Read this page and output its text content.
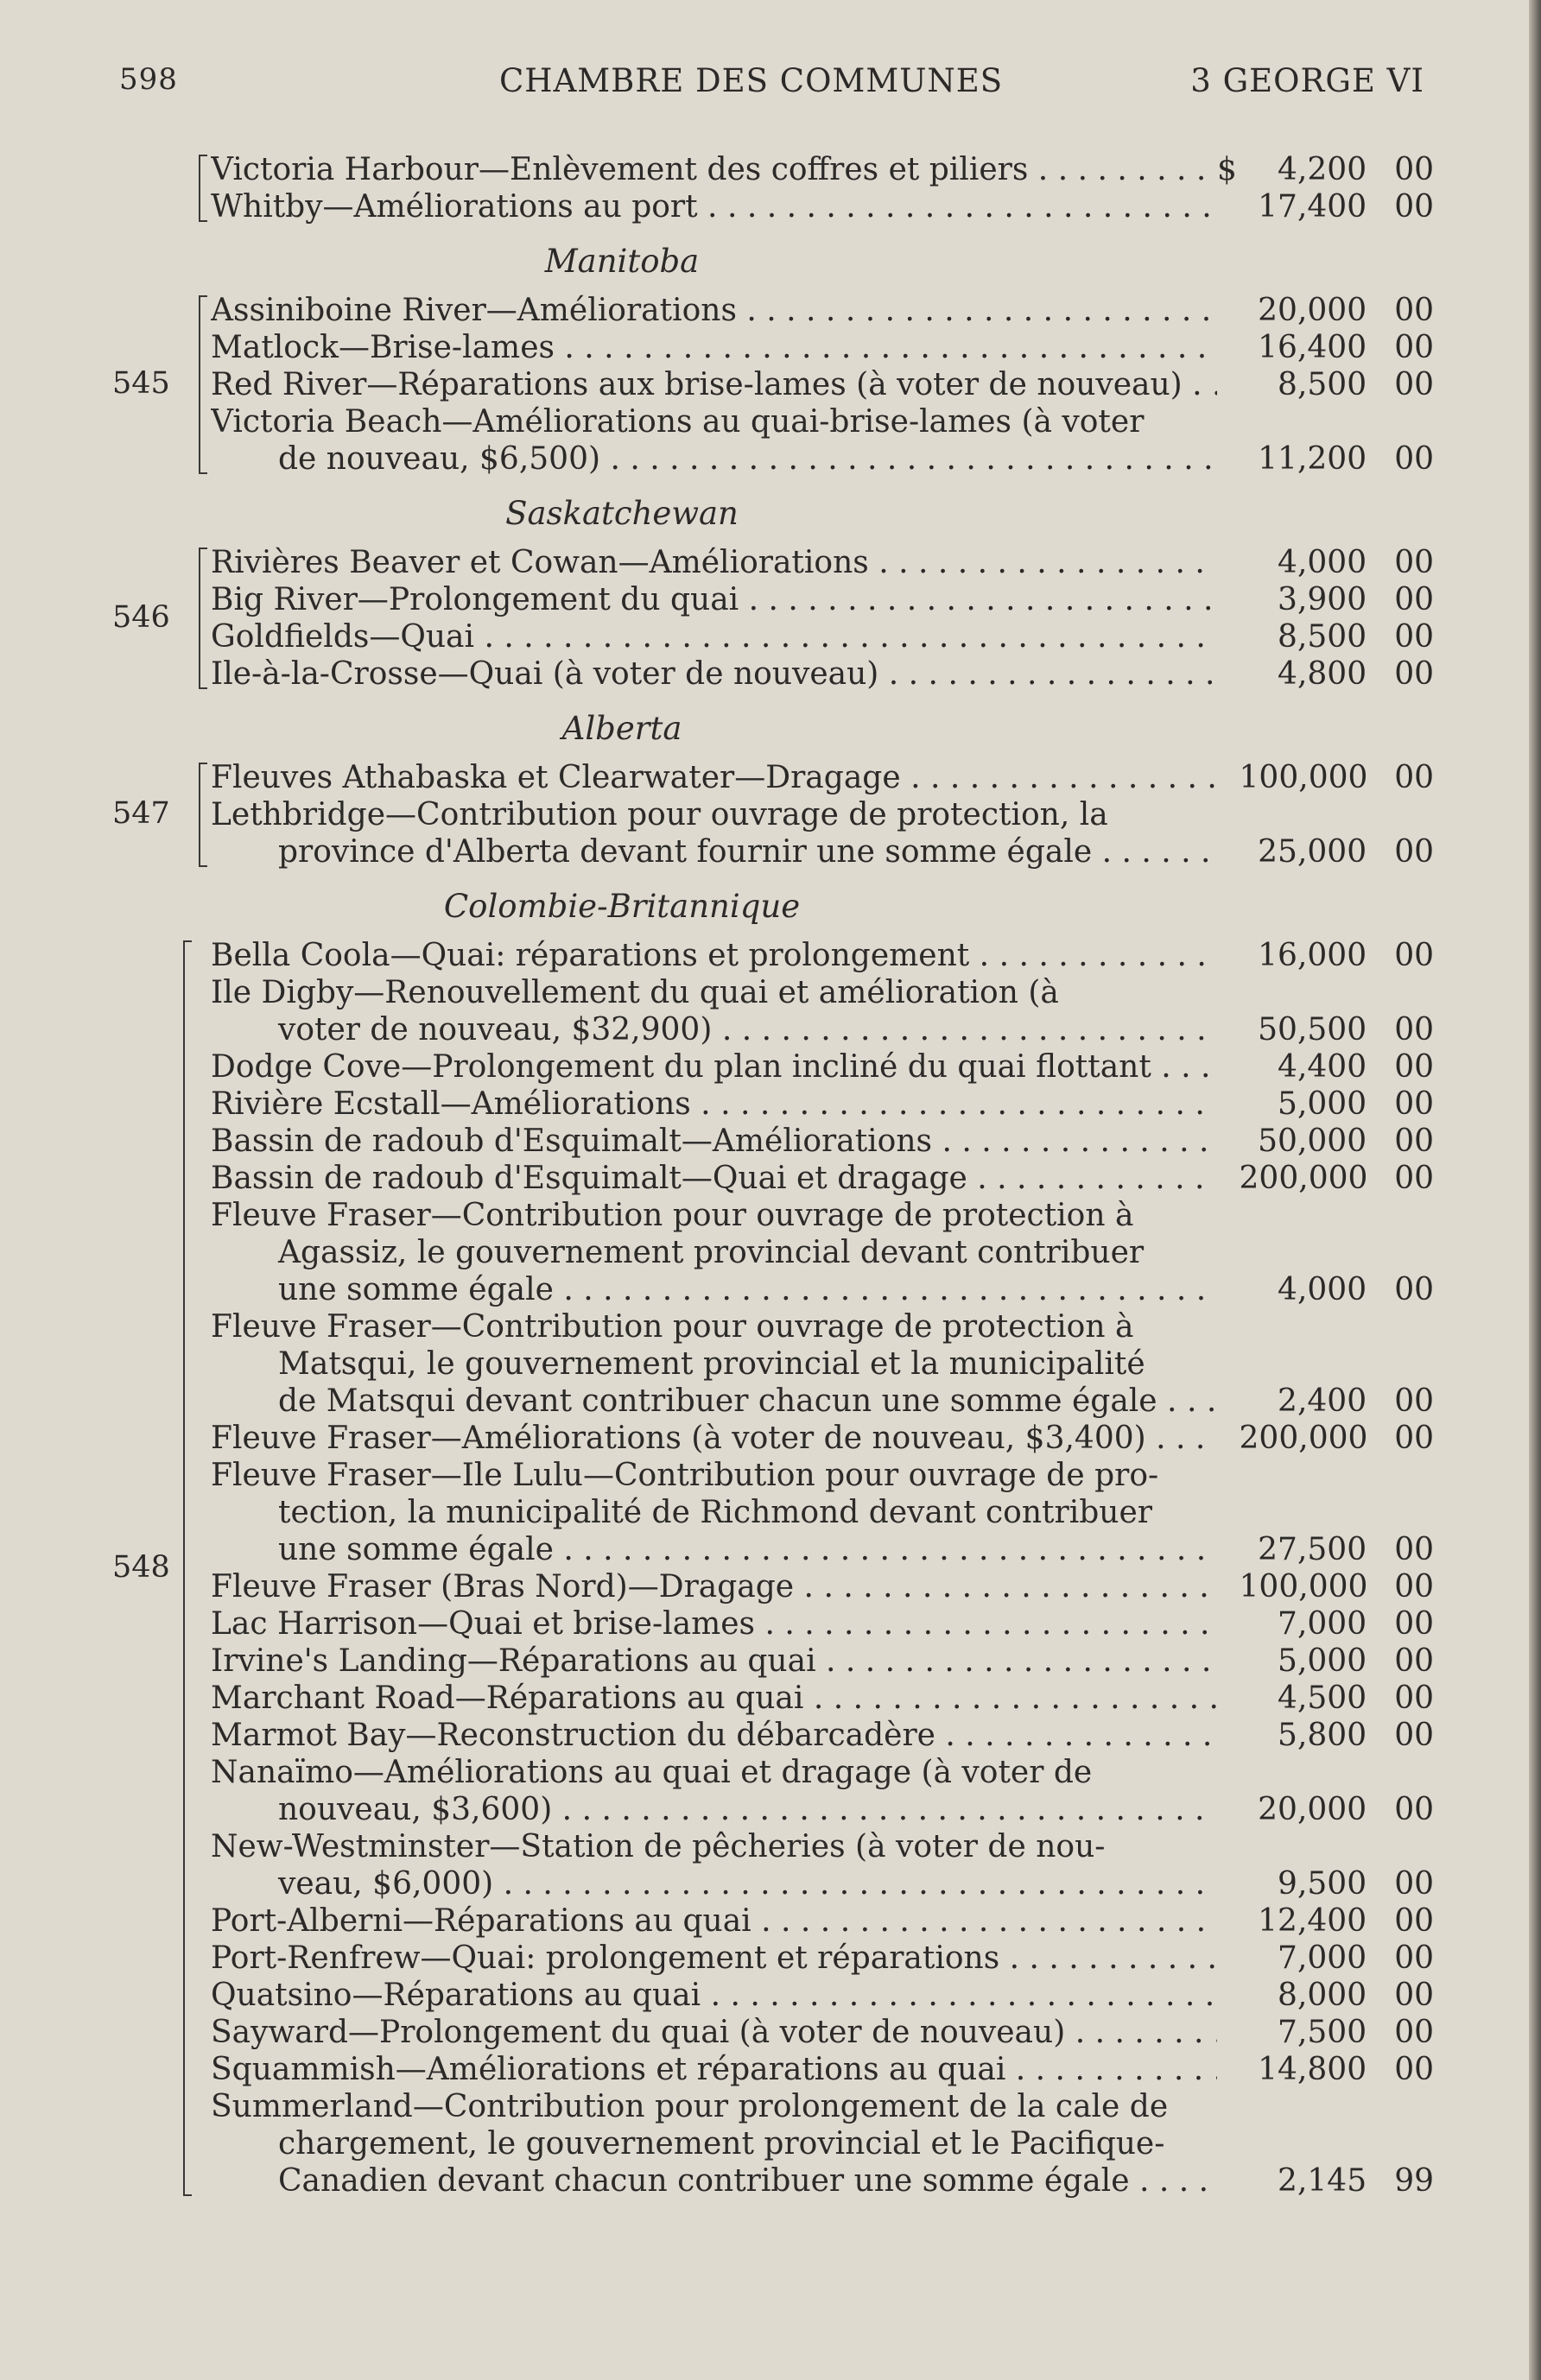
598	CHAMBRE DES COMMUNES	3 GEORGE VI
Victoria Harbour—Enlèvement des coffres et piliers . . .	$	4,200 00
Whitby—Améliorations au port . . .	17,400 00
Manitoba
545
Assiniboine River—Améliorations . . .	20,000 00
Matlock—Brise-lames . . .	16,400 00
Red River—Réparations aux brise-lames (à voter de nouveau) . . .	8,500 00
Victoria Beach—Améliorations au quai-brise-lames (à voter
de nouveau, $6,500) . . .	11,200 00
Saskatchewan
546
Rivières Beaver et Cowan—Améliorations . . .	4,000 00
Big River—Prolongement du quai . . .	3,900 00
Goldfields—Quai . . .	8,500 00
Ile-à-la-Crosse—Quai (à voter de nouveau) . . .	4,800 00
Alberta
547
Fleuves Athabaska et Clearwater—Dragage . . .	100,000 00
Lethbridge—Contribution pour ouvrage de protection, la
province d'Alberta devant fournir une somme égale . . .	25,000 00
Colombie-Britannique
548
Bella Coola—Quai: réparations et prolongement . . .	16,000 00
Ile Digby—Renouvellement du quai et amélioration (à
voter de nouveau, $32,900) . . .	50,500 00
Dodge Cove—Prolongement du plan incliné du quai flottant . . .	4,400 00
Rivière Ecstall—Améliorations . . .	5,000 00
Bassin de radoub d'Esquimalt—Améliorations . . .	50,000 00
Bassin de radoub d'Esquimalt—Quai et dragage . . .	200,000 00
Fleuve Fraser—Contribution pour ouvrage de protection à
Agassiz, le gouvernement provincial devant contribuer
une somme égale . . .	4,000 00
Fleuve Fraser—Contribution pour ouvrage de protection à
Matsqui, le gouvernement provincial et la municipalité
de Matsqui devant contribuer chacun une somme égale . . .	2,400 00
Fleuve Fraser—Améliorations (à voter de nouveau, $3,400) . . .	200,000 00
Fleuve Fraser—Ile Lulu—Contribution pour ouvrage de pro-
tection, la municipalité de Richmond devant contribuer
une somme égale . . .	27,500 00
Fleuve Fraser (Bras Nord)—Dragage . . .	100,000 00
Lac Harrison—Quai et brise-lames . . .	7,000 00
Irvine's Landing—Réparations au quai . . .	5,000 00
Marchant Road—Réparations au quai . . .	4,500 00
Marmot Bay—Reconstruction du débarcadère . . .	5,800 00
Nanaïmo—Améliorations au quai et dragage (à voter de
nouveau, $3,600) . . .	20,000 00
New-Westminster—Station de pêcheries (à voter de nou-
veau, $6,000) . . .	9,500 00
Port-Alberni—Réparations au quai . . .	12,400 00
Port-Renfrew—Quai: prolongement et réparations . . .	7,000 00
Quatsino—Réparations au quai . . .	8,000 00
Sayward—Prolongement du quai (à voter de nouveau) . . .	7,500 00
Squammish—Améliorations et réparations au quai . . .	14,800 00
Summerland—Contribution pour prolongement de la cale de
chargement, le gouvernement provincial et le Pacifique-
Canadien devant chacun contribuer une somme égale . . .	2,145 99
